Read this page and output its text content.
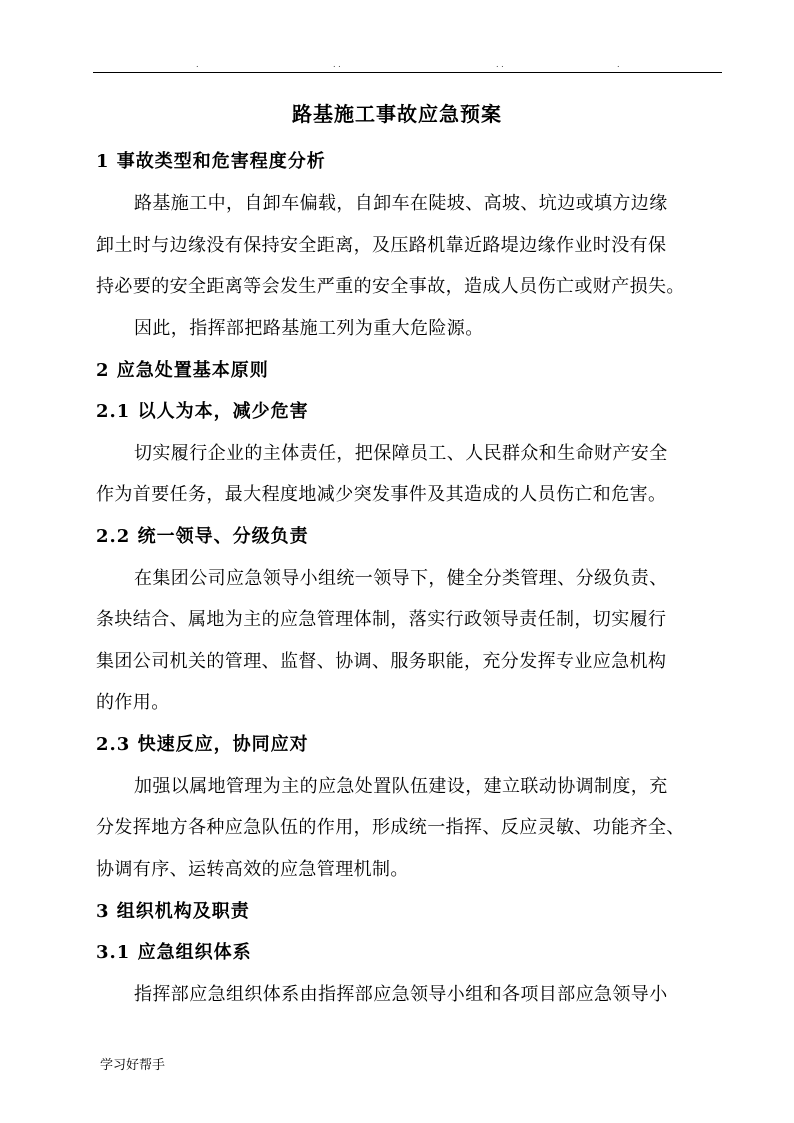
.	. .	. .	.
路基施工事故应急预案
1 事故类型和危害程度分析
路基施工中，自卸车偏载，自卸车在陡坡、高坡、坑边或填方边缘
卸土时与边缘没有保持安全距离，及压路机靠近路堤边缘作业时没有保
持必要的安全距离等会发生严重的安全事故，造成人员伤亡或财产损失。
因此，指挥部把路基施工列为重大危险源。
2 应急处置基本原则
2.1 以人为本，减少危害
切实履行企业的主体责任，把保障员工、人民群众和生命财产安全
作为首要任务，最大程度地减少突发事件及其造成的人员伤亡和危害。
2.2 统一领导、分级负责
在集团公司应急领导小组统一领导下，健全分类管理、分级负责、
条块结合、属地为主的应急管理体制，落实行政领导责任制，切实履行
集团公司机关的管理、监督、协调、服务职能，充分发挥专业应急机构
的作用。
2.3 快速反应，协同应对
加强以属地管理为主的应急处置队伍建设，建立联动协调制度，充
分发挥地方各种应急队伍的作用，形成统一指挥、反应灵敏、功能齐全、
协调有序、运转高效的应急管理机制。
3 组织机构及职责
3.1 应急组织体系
指挥部应急组织体系由指挥部应急领导小组和各项目部应急领导小
学习好帮手
